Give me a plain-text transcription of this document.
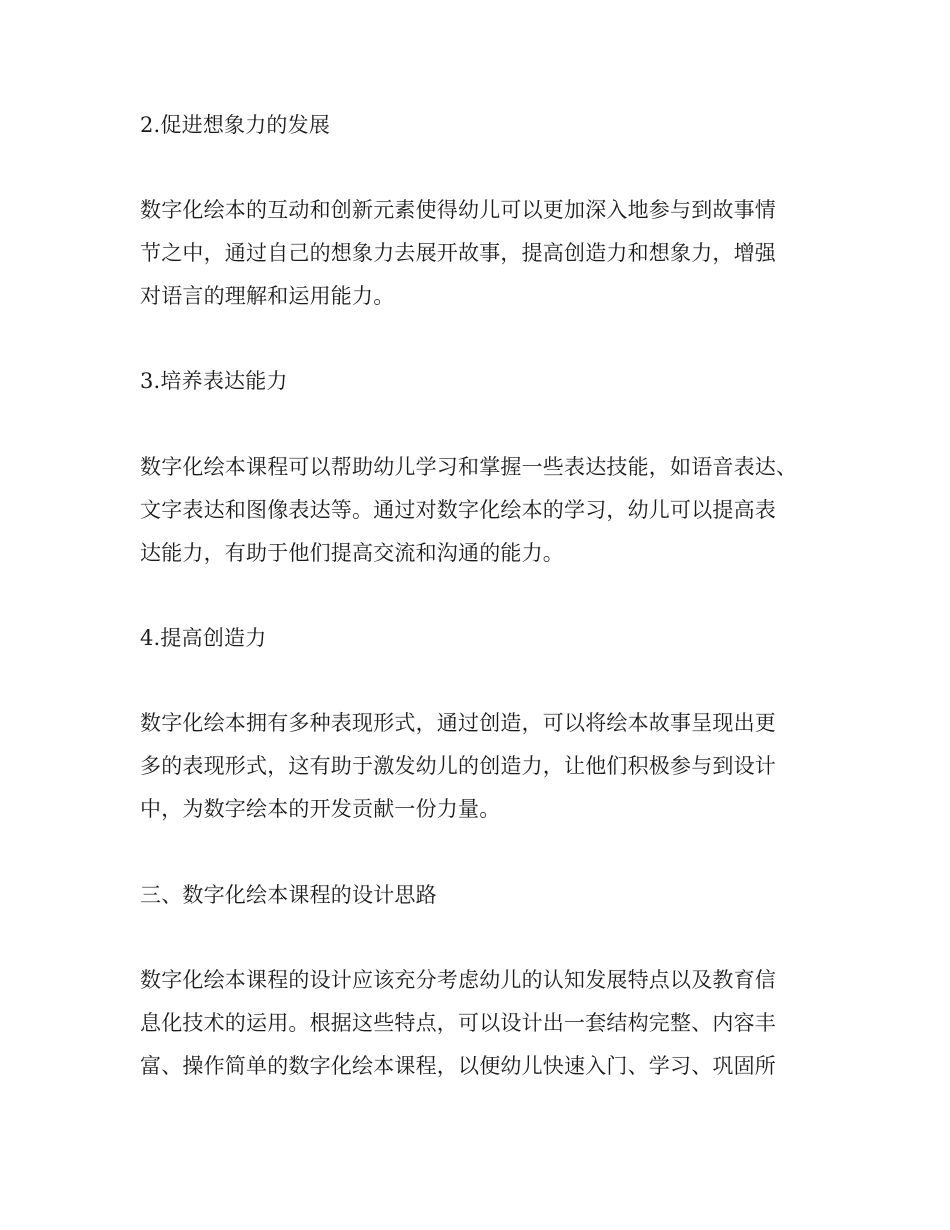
2.促进想象力的发展

数字化绘本的互动和创新元素使得幼儿可以更加深入地参与到故事情

节之中，通过自己的想象力去展开故事，提高创造力和想象力，增强

对语言的理解和运用能力。

3.培养表达能力

数字化绘本课程可以帮助幼儿学习和掌握一些表达技能，如语音表达、

文字表达和图像表达等。通过对数字化绘本的学习，幼儿可以提高表

达能力，有助于他们提高交流和沟通的能力。

4.提高创造力

数字化绘本拥有多种表现形式，通过创造，可以将绘本故事呈现出更

多的表现形式，这有助于激发幼儿的创造力，让他们积极参与到设计

中，为数字绘本的开发贡献一份力量。

三、数字化绘本课程的设计思路

数字化绘本课程的设计应该充分考虑幼儿的认知发展特点以及教育信

息化技术的运用。根据这些特点，可以设计出一套结构完整、内容丰

富、操作简单的数字化绘本课程，以便幼儿快速入门、学习、巩固所
